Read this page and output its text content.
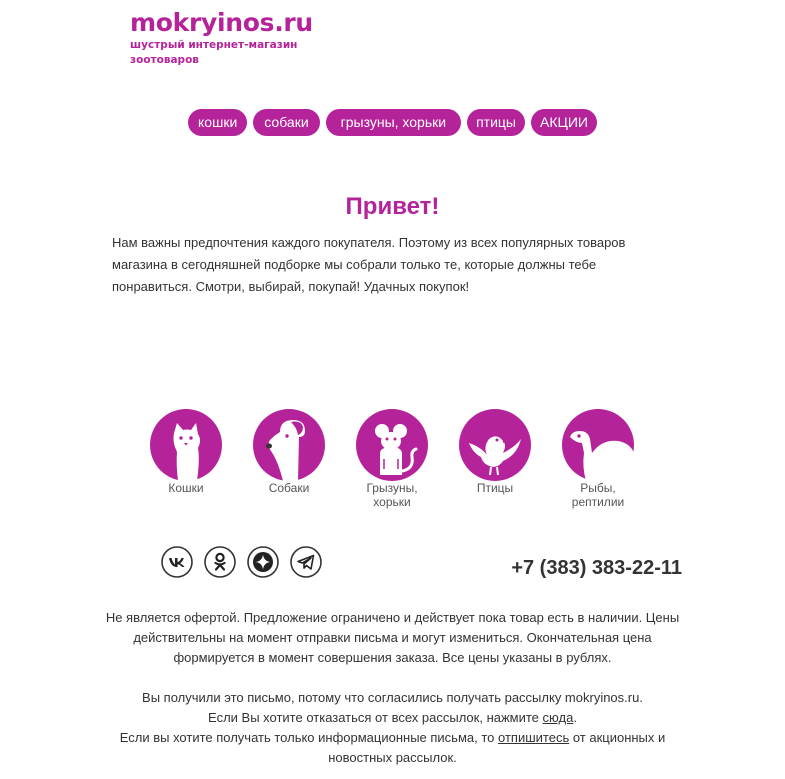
mokryinos.ru
шустрый интернет-магазин зоотоваров
кошки	собаки	грызуны, хорьки	птицы	АКЦИИ
Привет!

Нам важны предпочтения каждого покупателя. Поэтому из всех популярных товаров магазина в сегодняшней подборке мы собрали только те, которые должны тебе понравиться. Смотри, выбирай, покупай! Удачных покупок!

Кошки	Собаки	Грызуны, хорьки
Птицы	Рыбы, рептилии
+7 (383) 383-22-11

Не является офертой. Предложение ограничено и действует пока товар есть в наличии. Цены действительны на момент отправки письма и могут измениться. Окончательная цена формируется в момент совершения заказа. Все цены указаны в рублях.

Вы получили это письмо, потому что согласились получать рассылку mokryinos.ru.
Если Вы хотите отказаться от всех рассылок, нажмите сюда.
Если вы хотите получать только информационные письма, то отпишитесь от акционных и новостных рассылок.
